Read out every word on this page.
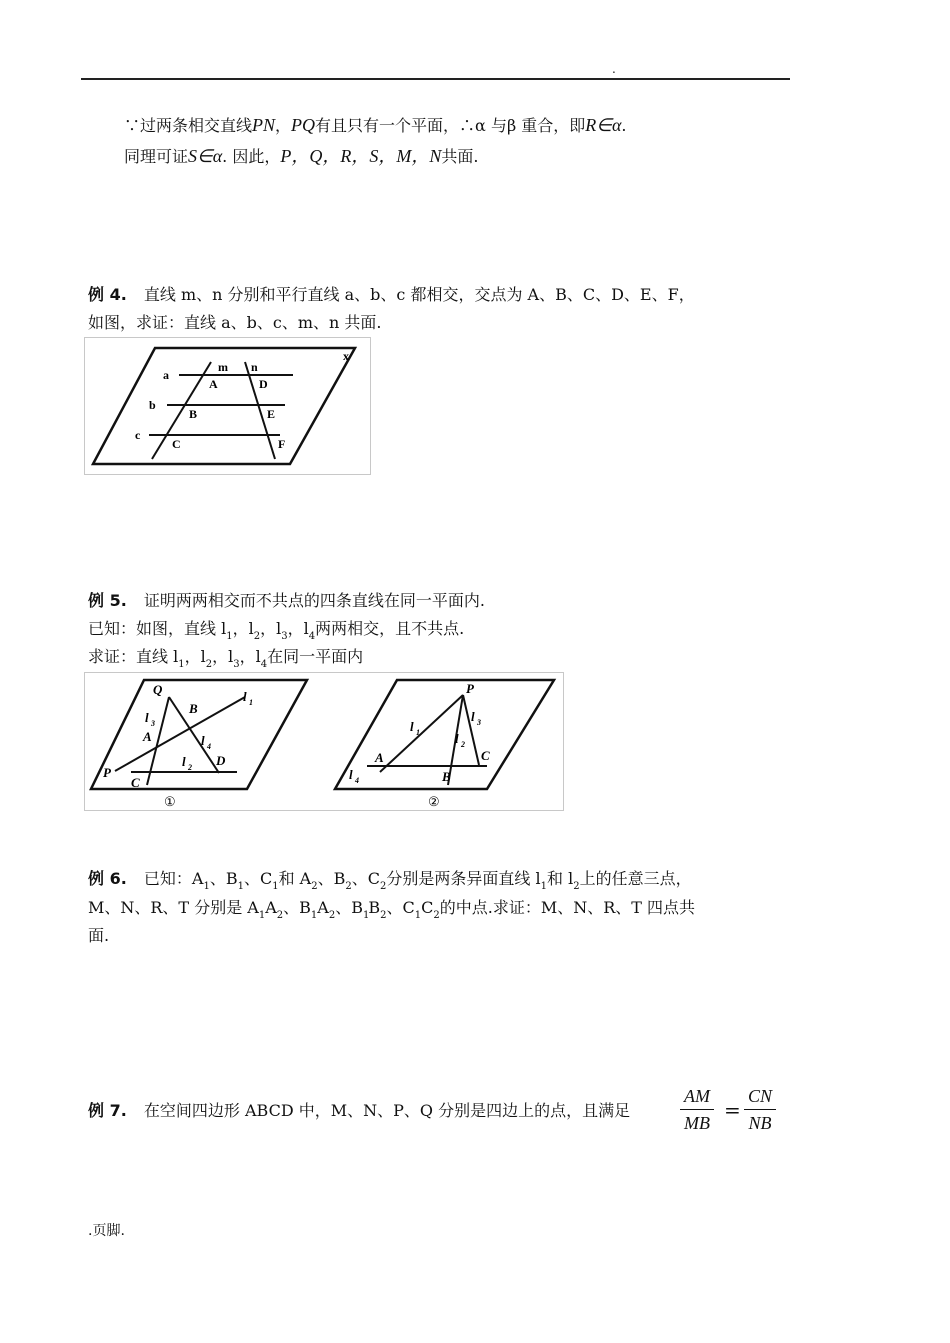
.
∵过两条相交直线PN，PQ有且只有一个平面，∴α 与β 重合，即R∈α.
同理可证S∈α. 因此，P，Q，R，S，M，N共面.
例 4. 直线 m、n 分别和平行直线 a、b、c 都相交，交点为 A、B、C、D、E、F，
如图，求证：直线 a、b、c、m、n 共面.
x
a
b
c
m n
A	D
B	E
C	F
例 5. 证明两两相交而不共点的四条直线在同一平面内.
已知：如图，直线 $l_1$，$l_2$，$l_3$，$l_4$两两相交，且不共点.
求证：直线 $l_1$，$l_2$，$l_3$，$l_4$在同一平面内
Q
B
l 1
l 3
A	l 4
D
P
l 2
C
①
P
l 3
l 1	l 2
A	C
B
l 4
②
例 6. 已知：$A_1$、$B_1$、$C_1$和 $A_2$、$B_2$、$C_2$分别是两条异面直线 $l_1$和 $l_2$上的任意三点，
M、N、R、T 分别是 $A_1A_2$、$B_1A_2$、$B_1B_2$、$C_1C_2$的中点.求证：M、N、R、T 四点共
面.
例 7. 在空间四边形 ABCD 中，M、N、P、Q 分别是四边上的点，且满足	$\frac{AM}{MB} = \frac{CN}{NB}$
.页脚.
